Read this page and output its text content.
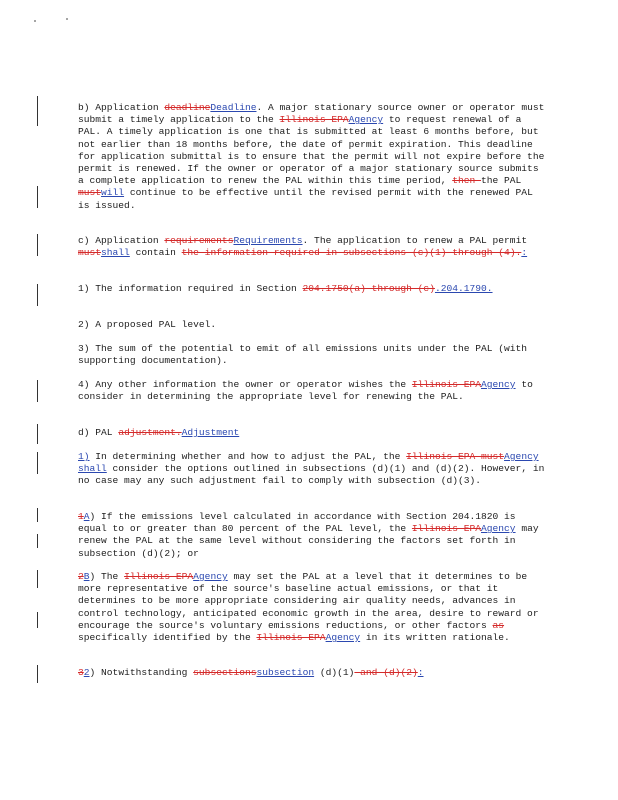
b) Application deadlineDeadline. A major stationary source owner or operator must submit a timely application to the Illinois EPAAgency to request renewal of a PAL. A timely application is one that is submitted at least 6 months before, but not earlier than 18 months before, the date of permit expiration. This deadline for application submittal is to ensure that the permit will not expire before the permit is renewed. If the owner or operator of a major stationary source submits a complete application to renew the PAL within this time period, then the PAL mustwill continue to be effective until the revised permit with the renewed PAL is issued.
c) Application requirementsRequirements. The application to renew a PAL permit mustshall contain the information required in subsections (c)(1) through (4).:
1) The information required in Section 204.1750(a) through (c).204.1790.
2) A proposed PAL level.
3) The sum of the potential to emit of all emissions units under the PAL (with supporting documentation).
4) Any other information the owner or operator wishes the Illinois EPAAgency to consider in determining the appropriate level for renewing the PAL.
d) PAL adjustment.Adjustment
1) In determining whether and how to adjust the PAL, the Illinois EPA mustAgency shall consider the options outlined in subsections (d)(1) and (d)(2). However, in no case may any such adjustment fail to comply with subsection (d)(3).
1A) If the emissions level calculated in accordance with Section 204.1820 is equal to or greater than 80 percent of the PAL level, the Illinois EPAAgency may renew the PAL at the same level without considering the factors set forth in subsection (d)(2); or
2B) The Illinois EPAAgency may set the PAL at a level that it determines to be more representative of the source's baseline actual emissions, or that it determines to be more appropriate considering air quality needs, advances in control technology, anticipated economic growth in the area, desire to reward or encourage the source's voluntary emissions reductions, or other factors as specifically identified by the Illinois EPAAgency in its written rationale.
32) Notwithstanding subsectionssubsection (d)(1) and (d)(2):
